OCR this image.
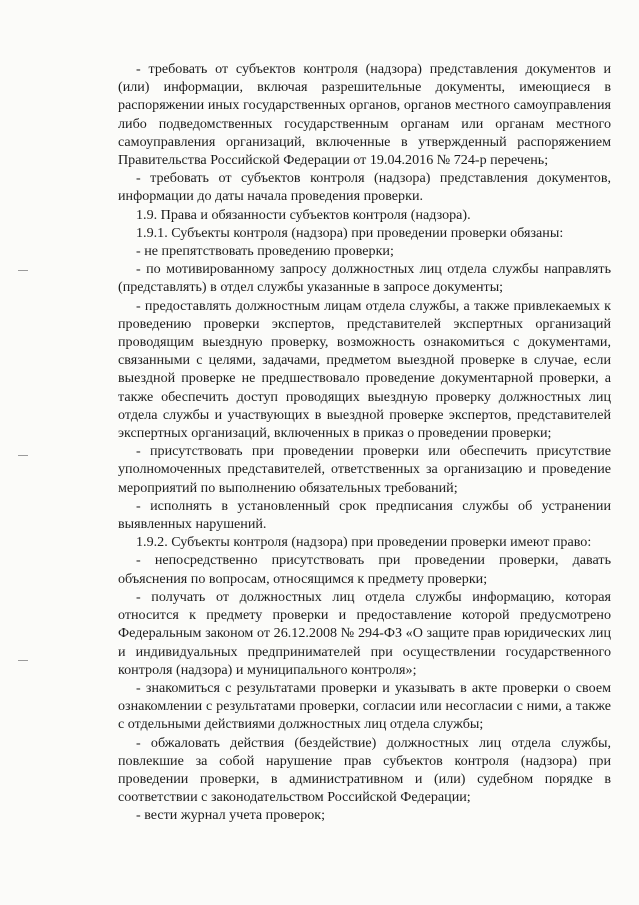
- требовать от субъектов контроля (надзора) представления документов и (или) информации, включая разрешительные документы, имеющиеся в распоряжении иных государственных органов, органов местного самоуправления либо подведомственных государственным органам или органам местного самоуправления организаций, включенные в утвержденный распоряжением Правительства Российской Федерации от 19.04.2016 № 724-р перечень;

- требовать от субъектов контроля (надзора) представления документов, информации до даты начала проведения проверки.

1.9. Права и обязанности субъектов контроля (надзора).

1.9.1. Субъекты контроля (надзора) при проведении проверки обязаны:

- не препятствовать проведению проверки;

- по мотивированному запросу должностных лиц отдела службы направлять (представлять) в отдел службы указанные в запросе документы;

- предоставлять должностным лицам отдела службы, а также привлекаемых к проведению проверки экспертов, представителей экспертных организаций проводящим выездную проверку, возможность ознакомиться с документами, связанными с целями, задачами, предметом выездной проверке в случае, если выездной проверке не предшествовало проведение документарной проверки, а также обеспечить доступ проводящих выездную проверку должностных лиц отдела службы и участвующих в выездной проверке экспертов, представителей экспертных организаций, включенных в приказ о проведении проверки;

- присутствовать при проведении проверки или обеспечить присутствие уполномоченных представителей, ответственных за организацию и проведение мероприятий по выполнению обязательных требований;

- исполнять в установленный срок предписания службы об устранении выявленных нарушений.

1.9.2. Субъекты контроля (надзора) при проведении проверки имеют право:

- непосредственно присутствовать при проведении проверки, давать объяснения по вопросам, относящимся к предмету проверки;

- получать от должностных лиц отдела службы информацию, которая относится к предмету проверки и предоставление которой предусмотрено Федеральным законом от 26.12.2008 № 294-ФЗ «О защите прав юридических лиц и индивидуальных предпринимателей при осуществлении государственного контроля (надзора) и муниципального контроля»;

- знакомиться с результатами проверки и указывать в акте проверки о своем ознакомлении с результатами проверки, согласии или несогласии с ними, а также с отдельными действиями должностных лиц отдела службы;

- обжаловать действия (бездействие) должностных лиц отдела службы, повлекшие за собой нарушение прав субъектов контроля (надзора) при проведении проверки, в административном и (или) судебном порядке в соответствии с законодательством Российской Федерации;

- вести журнал учета проверок;
